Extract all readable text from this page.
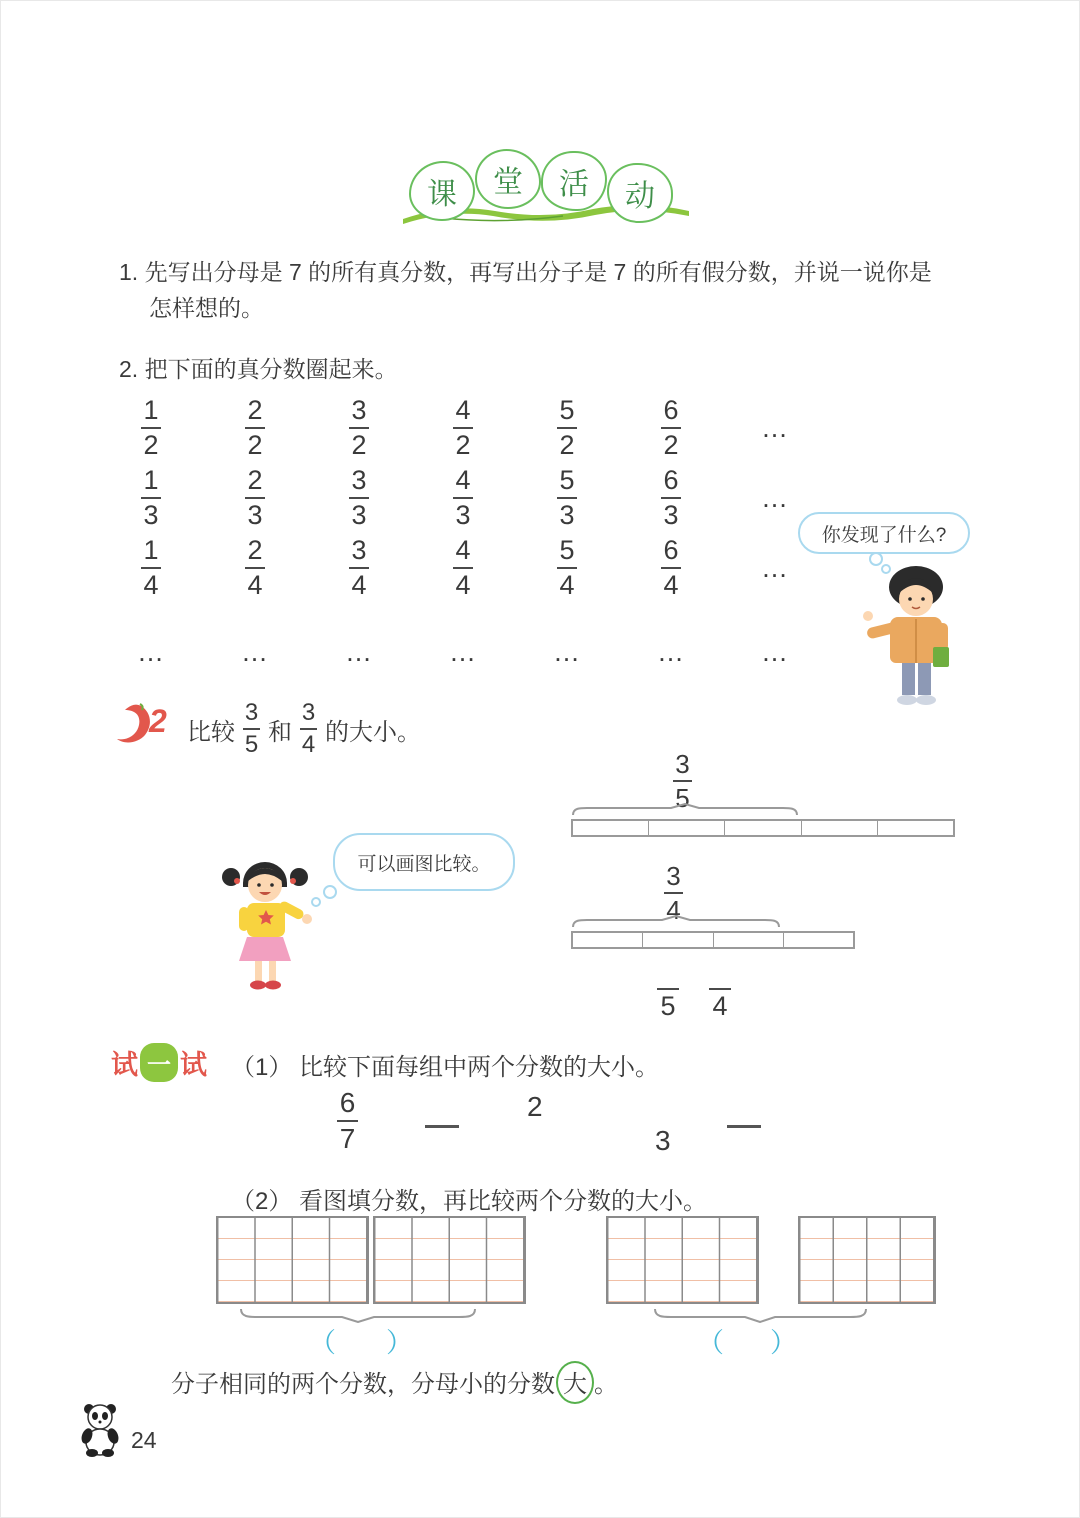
课 堂 活 动
1. 先写出分母是 7 的所有真分数，再写出分子是 7 的所有假分数，并说一说你是
怎样想的。
2. 把下面的真分数圈起来。
$\frac{1}{2}$	$\frac{2}{2}$	$\frac{3}{2}$	$\frac{4}{2}$	$\frac{5}{2}$	$\frac{6}{2}$	…
$\frac{1}{3}$	$\frac{2}{3}$	$\frac{3}{3}$	$\frac{4}{3}$	$\frac{5}{3}$	$\frac{6}{3}$	…
$\frac{1}{4}$	$\frac{2}{4}$	$\frac{3}{4}$	$\frac{4}{4}$	$\frac{5}{4}$	$\frac{6}{4}$	…
…	…	…	…	…	…	…
你发现了什么?
2 比较 $\frac{3}{5}$ 和 $\frac{3}{4}$ 的大小。
$\frac{3}{5}$
可以画图比较。	$\frac{3}{4}$
5 4
试 一 试 （1） 比较下面每组中两个分数的大小。
$\frac{6}{7}$	2
3
（2） 看图填分数，再比较两个分数的大小。
（ ）	（ ）
分子相同的两个分数，分母小的分数 大 。
24
